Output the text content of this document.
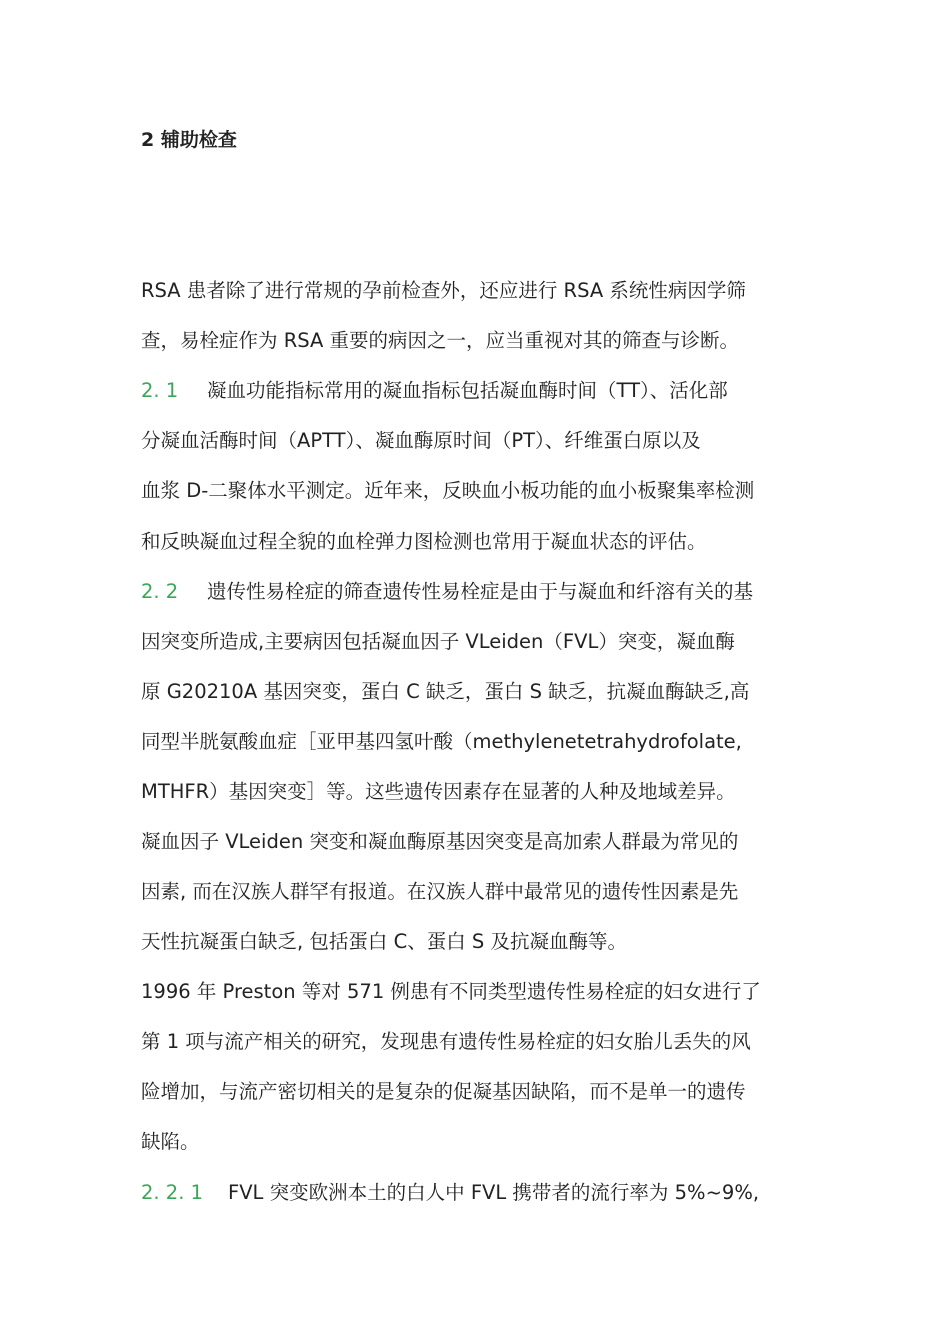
2 辅助检查
RSA 患者除了进行常规的孕前检查外，还应进行 RSA 系统性病因学筛
查，易栓症作为 RSA 重要的病因之一，应当重视对其的筛查与诊断。
2. 1 凝血功能指标常用的凝血指标包括凝血酶时间（TT）、活化部
分凝血活酶时间（APTT）、凝血酶原时间（PT）、纤维蛋白原以及
血浆 D-二聚体水平测定。近年来，反映血小板功能的血小板聚集率检测
和反映凝血过程全貌的血栓弹力图检测也常用于凝血状态的评估。
2. 2 遗传性易栓症的筛查遗传性易栓症是由于与凝血和纤溶有关的基
因突变所造成,主要病因包括凝血因子 VLeiden（FVL）突变，凝血酶
原 G20210A 基因突变，蛋白 C 缺乏，蛋白 S 缺乏，抗凝血酶缺乏,高
同型半胱氨酸血症［亚甲基四氢叶酸（methylenetetrahydrofolate,
MTHFR）基因突变］等。这些遗传因素存在显著的人种及地域差异。
凝血因子 VLeiden 突变和凝血酶原基因突变是高加索人群最为常见的
因素, 而在汉族人群罕有报道。在汉族人群中最常见的遗传性因素是先
天性抗凝蛋白缺乏, 包括蛋白 C、蛋白 S 及抗凝血酶等。
1996 年 Preston 等对 571 例患有不同类型遗传性易栓症的妇女进行了
第 1 项与流产相关的研究，发现患有遗传性易栓症的妇女胎儿丢失的风
险增加，与流产密切相关的是复杂的促凝基因缺陷，而不是单一的遗传
缺陷。
2. 2. 1 FVL 突变欧洲本土的白人中 FVL 携带者的流行率为 5%~9%,
